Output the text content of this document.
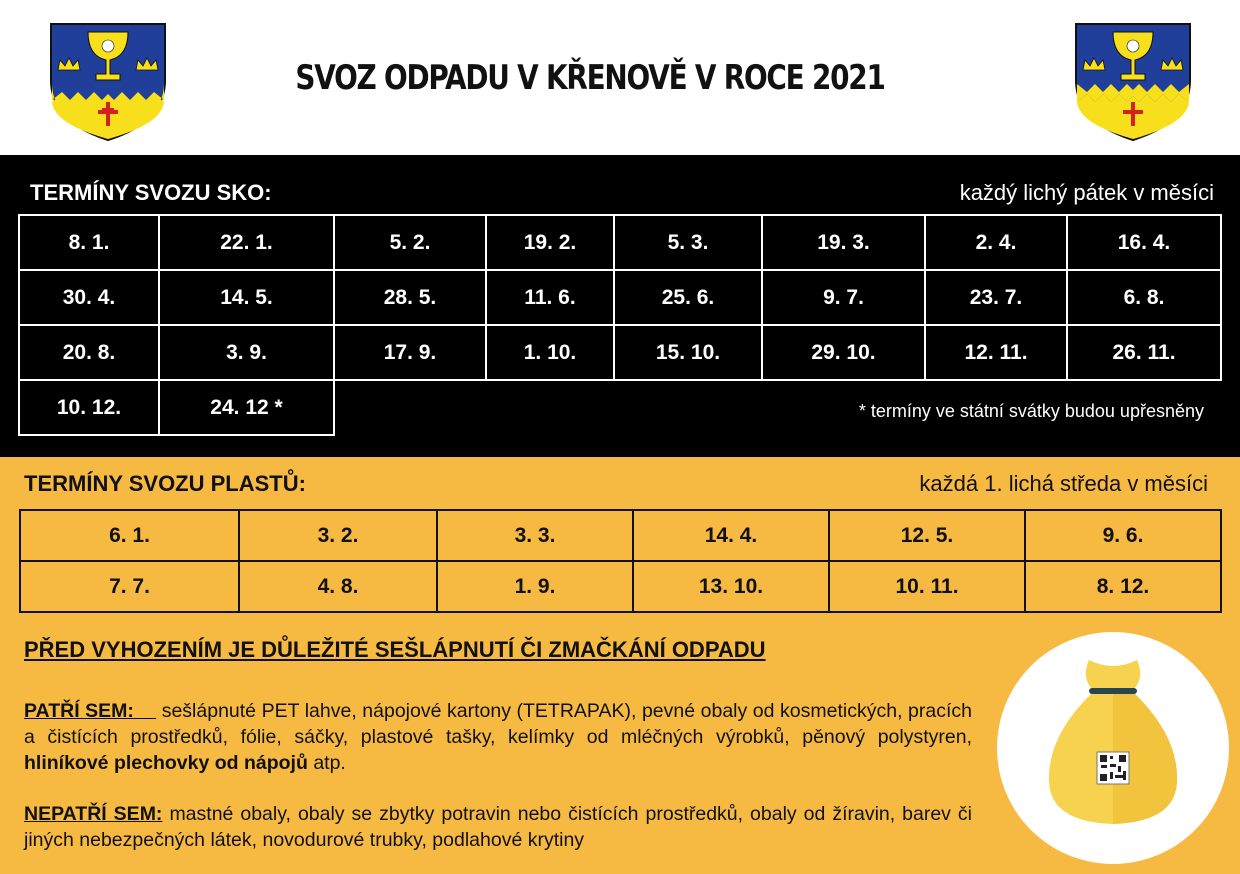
SVOZ ODPADU V KŘENOVĚ V ROCE 2021
TERMÍNY SVOZU SKO:	každý lichý pátek v měsíci
8. 1.	22. 1.	5. 2.	19. 2.	5. 3.	19. 3.	2. 4.	16. 4.
30. 4.	14. 5.	28. 5.	11. 6.	25. 6.	9. 7.	23. 7.	6. 8.
20. 8.	3. 9.	17. 9.	1. 10.	15. 10.	29. 10.	12. 11.	26. 11.
10. 12.	24. 12 *							* termíny ve státní svátky budou upřesněny
TERMÍNY SVOZU PLASTŮ:	každá 1. lichá středa v měsíci
6. 1.	3. 2.	3. 3.	14. 4.	12. 5.	9. 6.
7. 7.	4. 8.	1. 9.	13. 10.	10. 11.	8. 12.
PŘED VYHOZENÍM JE DŮLEŽITÉ SEŠLÁPNUTÍ ČI ZMAČKÁNÍ ODPADU
PATŘÍ SEM: sešlápnuté PET lahve, nápojové kartony (TETRAPAK), pevné obaly od kosmetických, pracích a čistících prostředků, fólie, sáčky, plastové tašky, kelímky od mléčných výrobků, pěnový polystyren, hliníkové plechovky od nápojů atp.
NEPATŘÍ SEM: mastné obaly, obaly se zbytky potravin nebo čistících prostředků, obaly od žíravin, barev či jiných nebezpečných látek, novodurové trubky, podlahové krytiny
